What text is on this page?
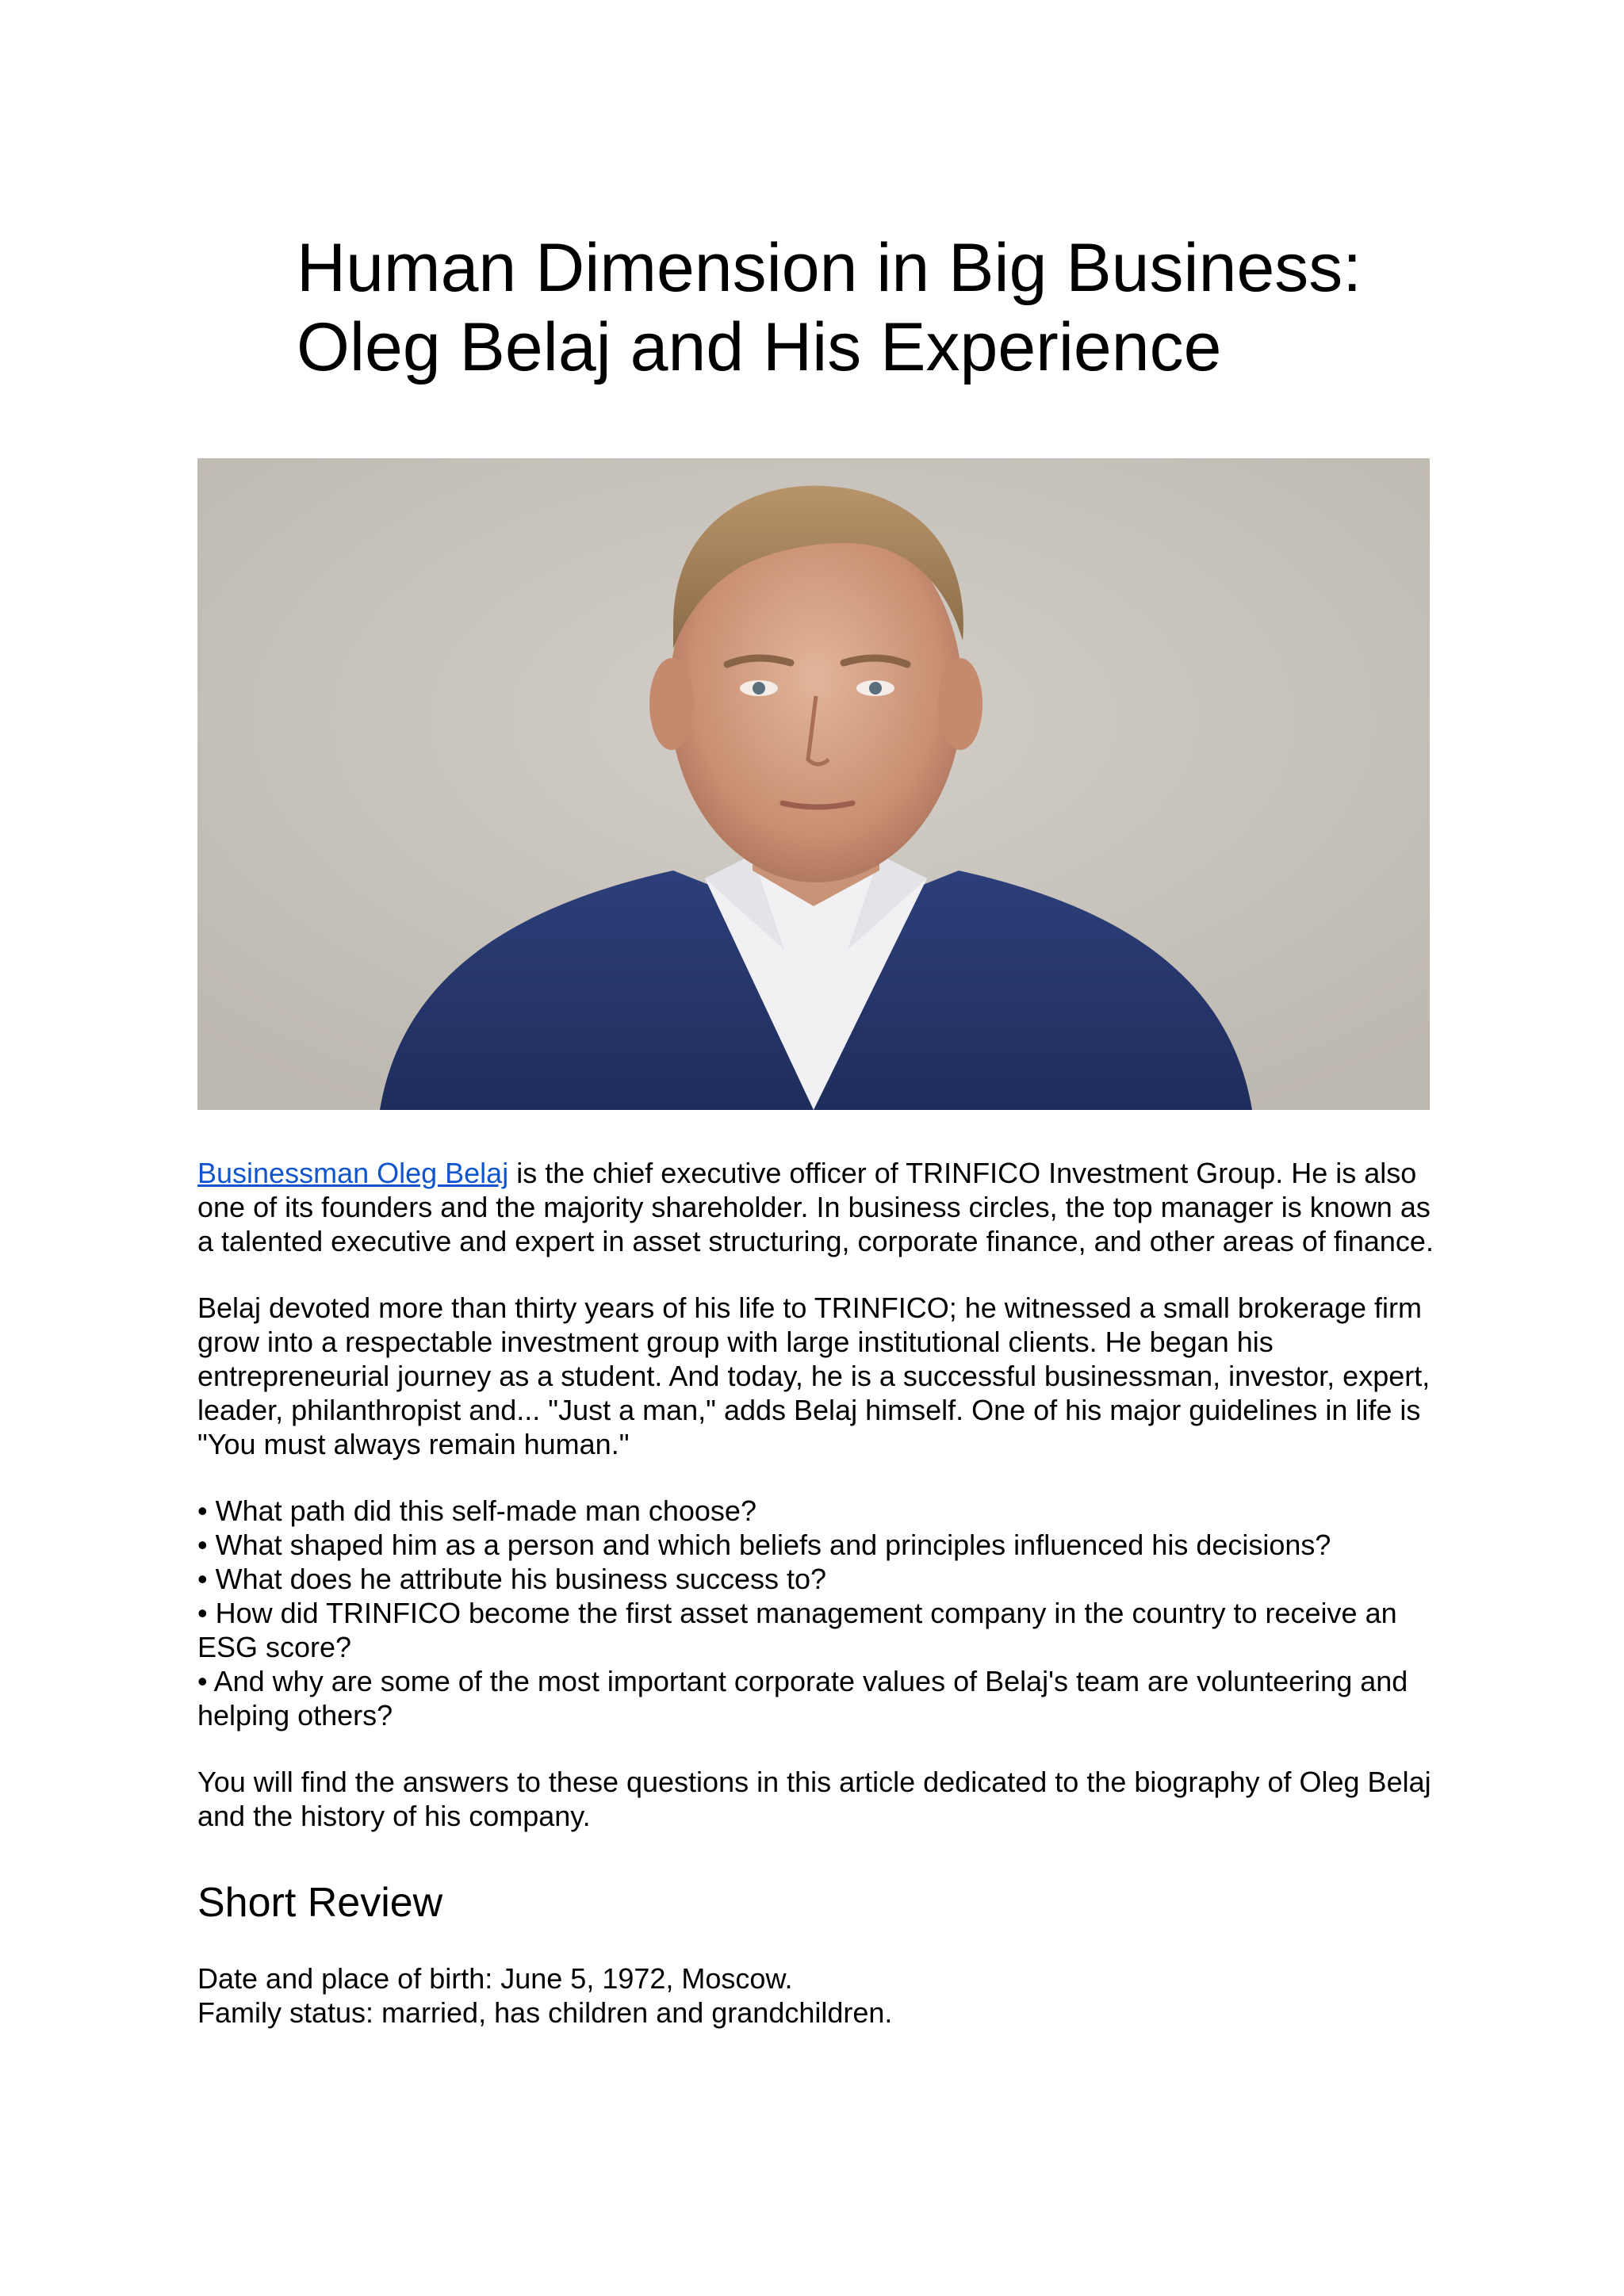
Human Dimension in Big Business:
Oleg Belaj and His Experience

Businessman Oleg Belaj is the chief executive officer of TRINFICO Investment Group. He is also one of its founders and the majority shareholder. In business circles, the top manager is known as a talented executive and expert in asset structuring, corporate finance, and other areas of finance.

Belaj devoted more than thirty years of his life to TRINFICO; he witnessed a small brokerage firm grow into a respectable investment group with large institutional clients. He began his entrepreneurial journey as a student. And today, he is a successful businessman, investor, expert, leader, philanthropist and... "Just a man," adds Belaj himself. One of his major guidelines in life is "You must always remain human."

• What path did this self-made man choose?
• What shaped him as a person and which beliefs and principles influenced his decisions?
• What does he attribute his business success to?
• How did TRINFICO become the first asset management company in the country to receive an ESG score?
• And why are some of the most important corporate values of Belaj's team are volunteering and helping others?

You will find the answers to these questions in this article dedicated to the biography of Oleg Belaj and the history of his company.

Short Review
Date and place of birth: June 5, 1972, Moscow.
Family status: married, has children and grandchildren.
